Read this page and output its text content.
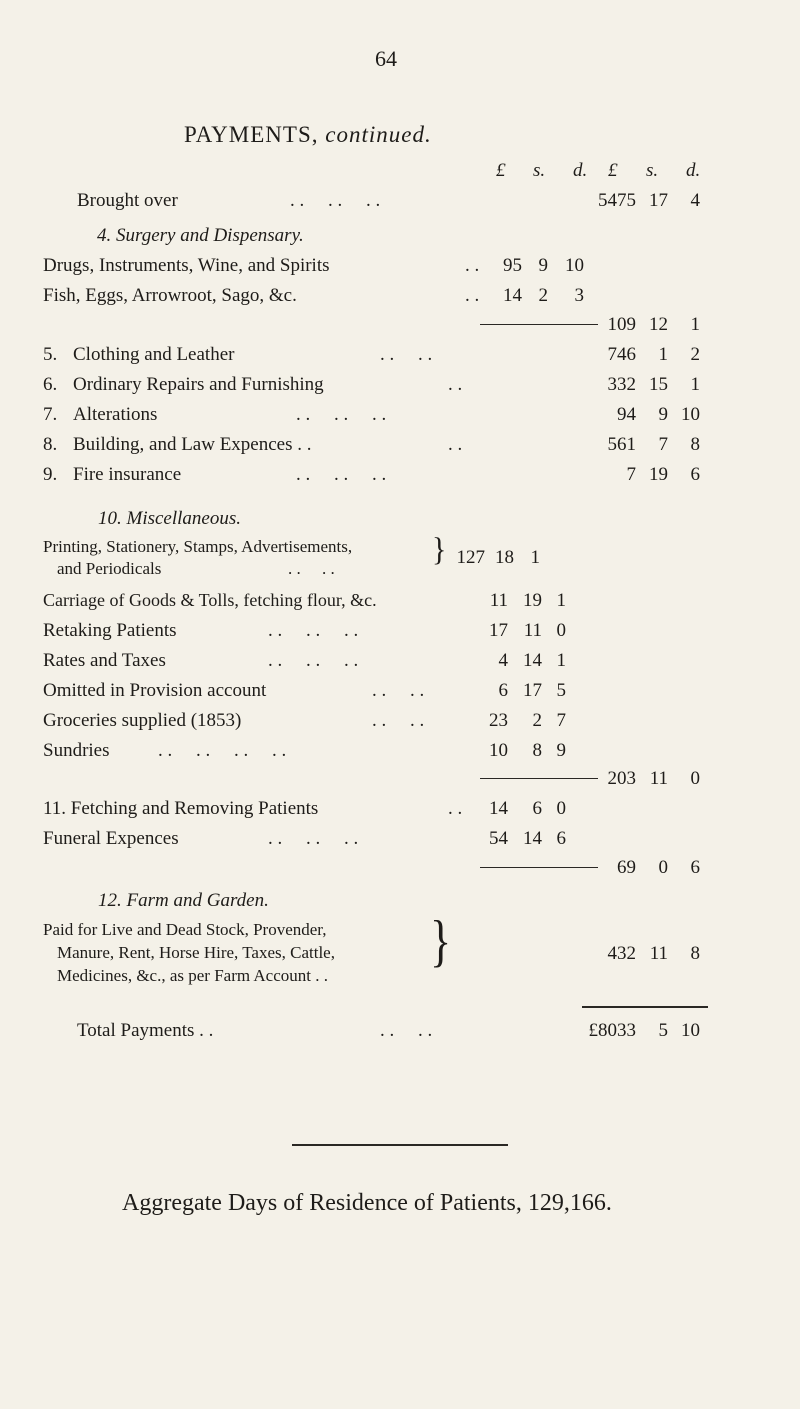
64
PAYMENTS, continued.
£ s. d. £ s. d.
Brought over	. .     . .     . .	5475 17	4
4. Surgery and Dispensary.
Drugs, Instruments, Wine, and Spirits	. .	95 9 10
Fish, Eggs, Arrowroot, Sago, &c.	. .	14 2	3
109 12	1
5. Clothing and Leather	. .     . .	746	1	2
6. Ordinary Repairs and Furnishing	. .	332 15	1
7. Alterations	. .     . .     . .	94	9 10
8. Building, and Law Expences . .	. .	561	7	8
9. Fire insurance	. .     . .     . .	7 19	6
10. Miscellaneous.
Printing, Stationery, Stamps, Advertisements,
and Periodicals	. .     . .
} 127 18 1
Carriage of Goods & Tolls, fetching flour, &c.	11 19 1
Retaking Patients	. .     . .     . .	17 11 0
Rates and Taxes	. .     . .     . .	4 14 1
Omitted in Provision account	. .     . .	6 17 5
Groceries supplied (1853)	. .     . .	23	2 7
Sundries	. .     . .     . .     . .	10	8 9
203 11	0
11. Fetching and Removing Patients	. .	14	6 0
Funeral Expences	. .     . .     . .	54 14 6
69	0	6
12. Farm and Garden.
Paid for Live and Dead Stock, Provender,
Manure, Rent, Horse Hire, Taxes, Cattle,
Medicines, &c., as per Farm Account . .
}	432 11	8
Total Payments . .	. .     . .	£8033	5 10
Aggregate Days of Residence of Patients, 129,166.
